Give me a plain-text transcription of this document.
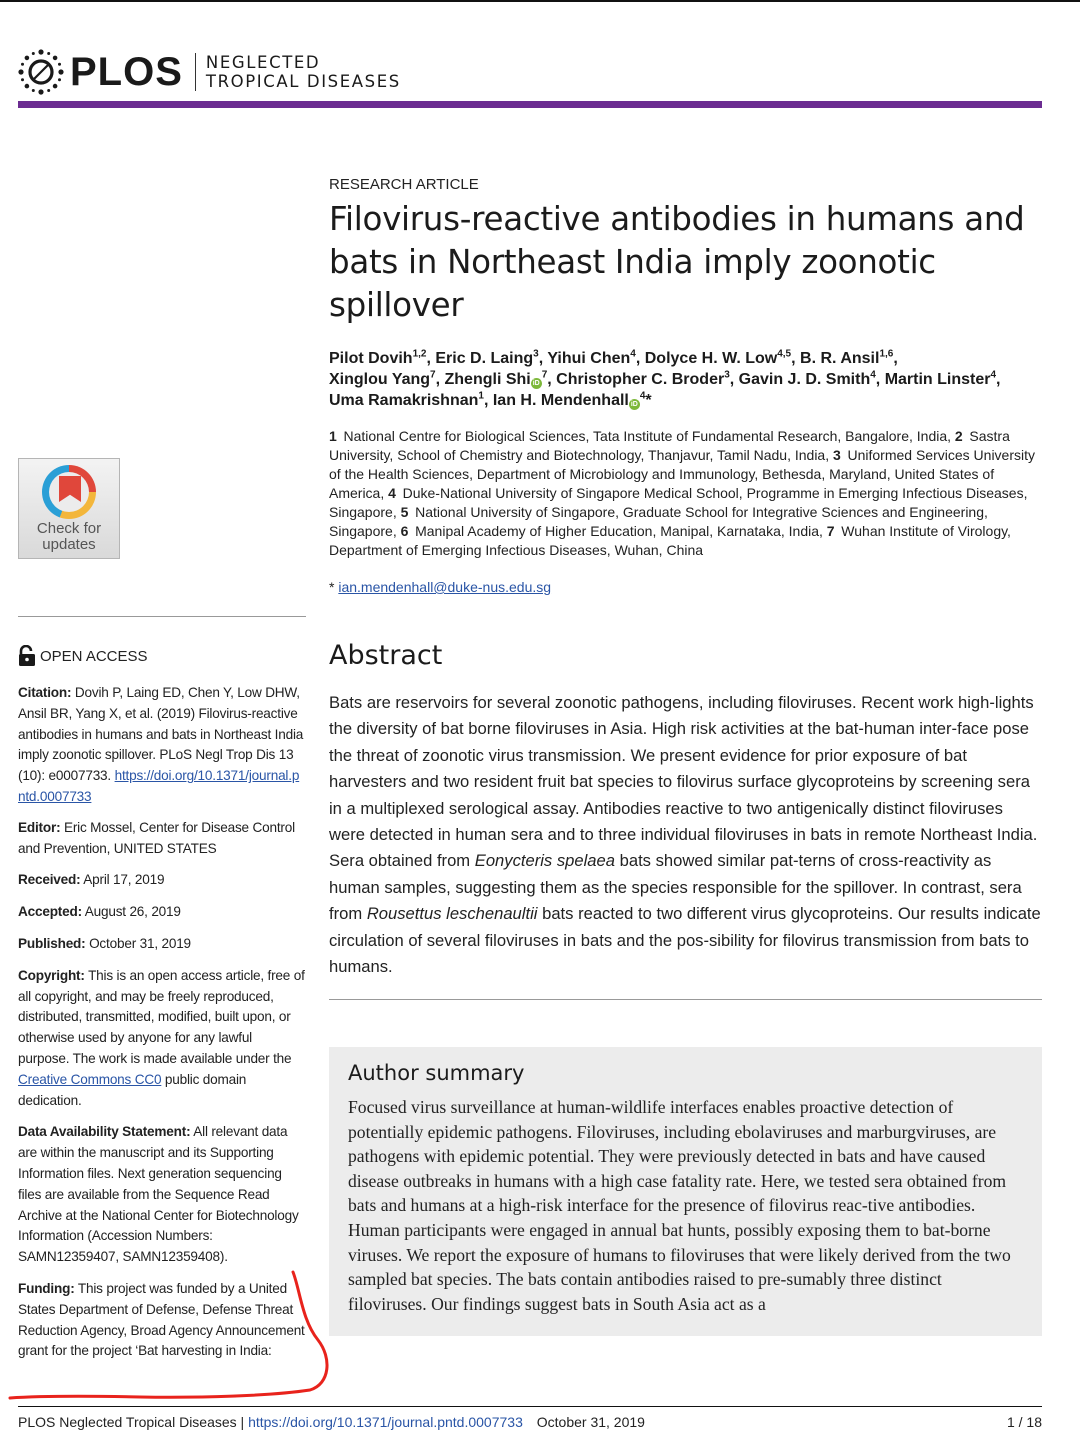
PLOS NEGLECTED
TROPICAL DISEASES
RESEARCH ARTICLE
Filovirus-reactive antibodies in humans and bats in Northeast India imply zoonotic spillover
Pilot Dovih$^{1,2}$, Eric D. Laing$^3$, Yihui Chen$^4$, Dolyce H. W. Low$^{4,5}$, B. R. Ansil$^{1,6}$,
Xinglou Yang$^7$, Zhengli Shi $iD^7$, Christopher C. Broder$^3$, Gavin J. D. Smith$^4$, Martin Linster$^4$,
Uma Ramakrishnan$^1$, Ian H. Mendenhall $iD^4*$
1  National Centre for Biological Sciences, Tata Institute of Fundamental Research, Bangalore, India, 2  Sastra University, School of Chemistry and Biotechnology, Thanjavur, Tamil Nadu, India, 3  Uniformed Services University of the Health Sciences, Department of Microbiology and Immunology, Bethesda, Maryland, United States of America, 4  Duke-National University of Singapore Medical School, Programme in Emerging Infectious Diseases, Singapore, 5  National University of Singapore, Graduate School for Integrative Sciences and Engineering, Singapore, 6  Manipal Academy of Higher Education, Manipal, Karnataka, India, 7  Wuhan Institute of Virology, Department of Emerging Infectious Diseases, Wuhan, China
* ian.mendenhall@duke-nus.edu.sg
Check for
updates
OPEN ACCESS

Citation: Dovih P, Laing ED, Chen Y, Low DHW, Ansil BR, Yang X, et al. (2019) Filovirus-reactive antibodies in humans and bats in Northeast India imply zoonotic spillover. PLoS Negl Trop Dis 13 (10): e0007733. https://doi.org/10.1371/journal.pntd.0007733

Editor: Eric Mossel, Center for Disease Control and Prevention, UNITED STATES

Received: April 17, 2019

Accepted: August 26, 2019

Published: October 31, 2019

Copyright: This is an open access article, free of all copyright, and may be freely reproduced, distributed, transmitted, modified, built upon, or otherwise used by anyone for any lawful purpose. The work is made available under the Creative Commons CC0 public domain dedication.

Data Availability Statement: All relevant data are within the manuscript and its Supporting Information files. Next generation sequencing files are available from the Sequence Read Archive at the National Center for Biotechnology Information (Accession Numbers: SAMN12359407, SAMN12359408).

Funding: This project was funded by a United States Department of Defense, Defense Threat Reduction Agency, Broad Agency Announcement grant for the project ‘Bat harvesting in India:

Abstract

Bats are reservoirs for several zoonotic pathogens, including filoviruses. Recent work high-lights the diversity of bat borne filoviruses in Asia. High risk activities at the bat-human inter-face pose the threat of zoonotic virus transmission. We present evidence for prior exposure of bat harvesters and two resident fruit bat species to filovirus surface glycoproteins by screening sera in a multiplexed serological assay. Antibodies reactive to two antigenically distinct filoviruses were detected in human sera and to three individual filoviruses in bats in remote Northeast India. Sera obtained from Eonycteris spelaea bats showed similar pat-terns of cross-reactivity as human samples, suggesting them as the species responsible for the spillover. In contrast, sera from Rousettus leschenaultii bats reacted to two different virus glycoproteins. Our results indicate circulation of several filoviruses in bats and the pos-sibility for filovirus transmission from bats to humans.

Author summary

Focused virus surveillance at human-wildlife interfaces enables proactive detection of potentially epidemic pathogens. Filoviruses, including ebolaviruses and marburgviruses, are pathogens with epidemic potential. They were previously detected in bats and have caused disease outbreaks in humans with a high case fatality rate. Here, we tested sera obtained from bats and humans at a high-risk interface for the presence of filovirus reac-tive antibodies. Human participants were engaged in annual bat hunts, possibly exposing them to bat-borne viruses. We report the exposure of humans to filoviruses that were likely derived from the two sampled bat species. The bats contain antibodies raised to pre-sumably three distinct filoviruses. Our findings suggest bats in South Asia act as a

PLOS Neglected Tropical Diseases | https://doi.org/10.1371/journal.pntd.0007733 October 31, 2019	1 / 18
